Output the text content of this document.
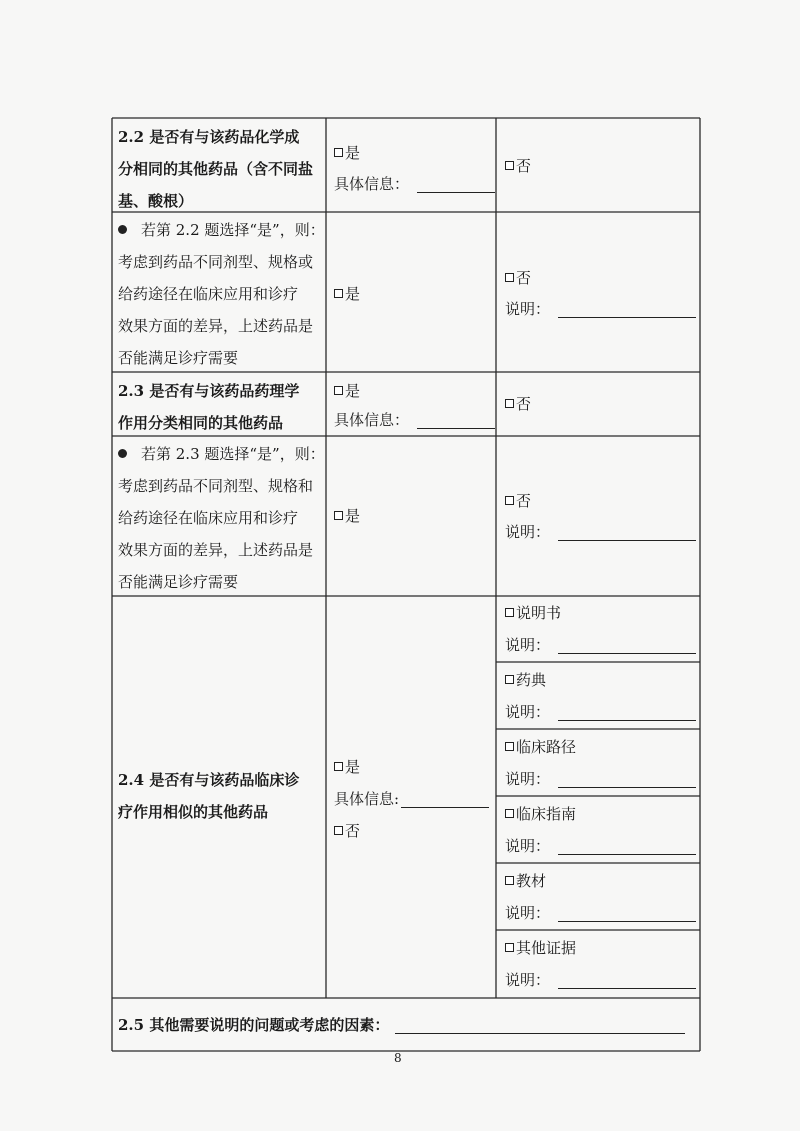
2.2 是否有与该药品化学成
分相同的其他药品（含不同盐
基、酸根）
是
具体信息：
否
若第 2.2 题选择“是”，则：
考虑到药品不同剂型、规格或
给药途径在临床应用和诊疗
效果方面的差异，上述药品是
否能满足诊疗需要
是
否
说明：
2.3 是否有与该药品药理学
作用分类相同的其他药品
是
具体信息：
否
若第 2.3 题选择“是”，则：
考虑到药品不同剂型、规格和
给药途径在临床应用和诊疗
效果方面的差异，上述药品是
否能满足诊疗需要
是
否
说明：
2.4 是否有与该药品临床诊
疗作用相似的其他药品
是
具体信息:
否
说明书
说明：
药典
说明：
临床路径
说明：
临床指南
说明：
教材
说明：
其他证据
说明：
2.5 其他需要说明的问题或考虑的因素：
8
